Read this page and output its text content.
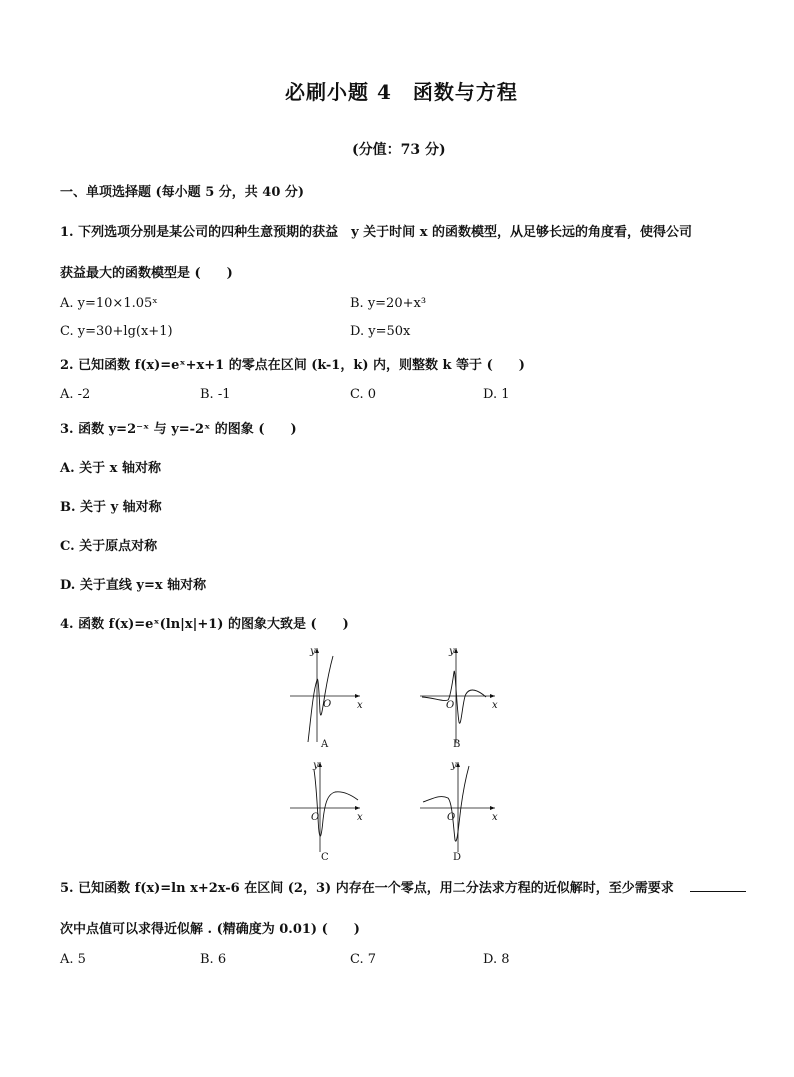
必刷小题 4　函数与方程
(分值：73 分)
一、单项选择题 (每小题 5 分，共 40 分)
1. 下列选项分别是某公司的四种生意预期的获益　y 关于时间 x 的函数模型，从足够长远的角度看，使得公司
获益最大的函数模型是 (　　)
A. y=10×1.05ˣ	B. y=20+x³
C. y=30+lg(x+1)	D. y=50x
2. 已知函数 f(x)=eˣ+x+1 的零点在区间 (k-1，k) 内，则整数 k 等于 (　　)
A. -2	B. -1	C. 0	D. 1
3. 函数 y=2⁻ˣ 与 y=-2ˣ 的图象 (　　)
A. 关于 x 轴对称
B. 关于 y 轴对称
C. 关于原点对称
D. 关于直线 y=x 轴对称
4. 函数 f(x)=eˣ(ln|x|+1) 的图象大致是 (　　)
y
x
O
A
y
x
O
B
y
x
O
C
y
x
O
D
5. 已知函数 f(x)=ln x+2x-6 在区间 (2，3) 内存在一个零点，用二分法求方程的近似解时，至少需要求
次中点值可以求得近似解 . (精确度为 0.01) (　　)
A. 5	B. 6	C. 7	D. 8
